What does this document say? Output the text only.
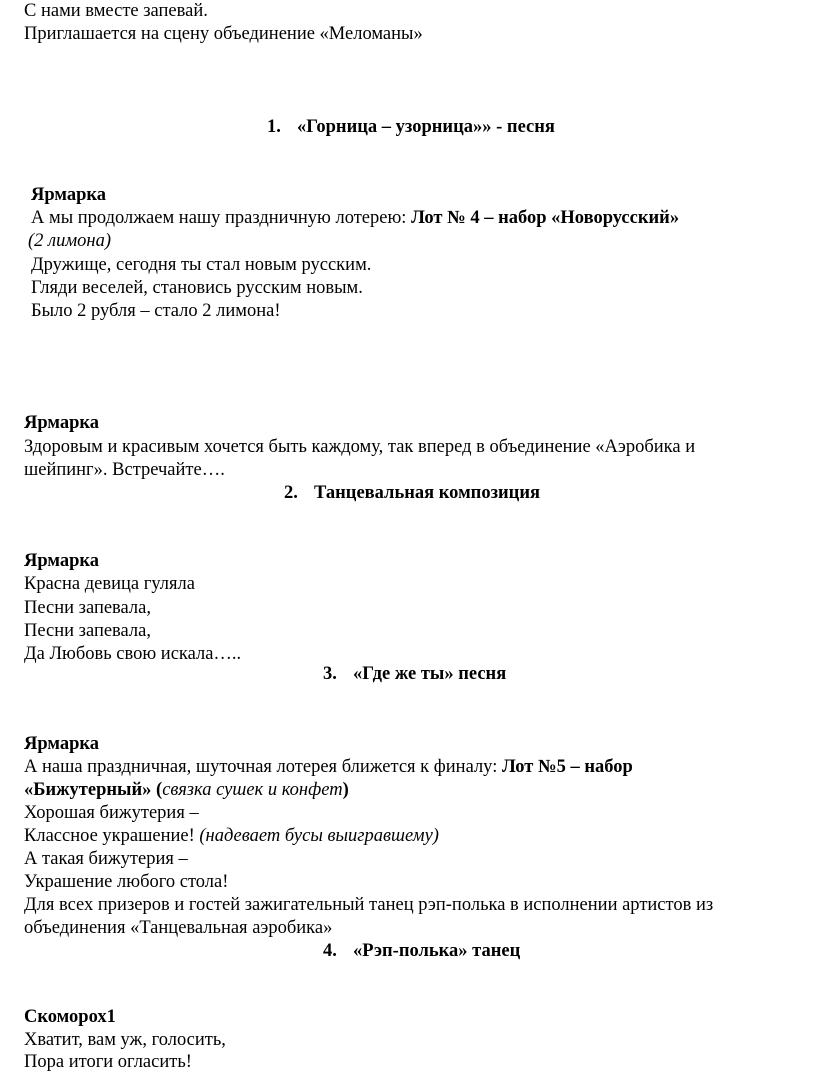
С нами вместе запевай.
Приглашается на сцену объединение «Меломаны»
1. «Горница – узорница»» - песня
Ярмарка
А мы продолжаем нашу праздничную лотерею: Лот № 4 – набор «Новорусский»
(2 лимона)
Дружище, сегодня ты стал новым русским.
Гляди веселей, становись русским новым.
Было 2 рубля – стало 2 лимона!
Ярмарка
Здоровым и красивым хочется быть каждому, так вперед в объединение «Аэробика и
шейпинг». Встречайте….
2. Танцевальная композиция
Ярмарка
Красна девица гуляла
Песни запевала,
Песни запевала,
Да Любовь свою искала…..
3. «Где же ты» песня
Ярмарка
А наша праздничная, шуточная лотерея ближется к финалу: Лот №5 – набор
«Бижутерный» (связка сушек и конфет)
Хорошая бижутерия –
Классное украшение! (надевает бусы выигравшему)
А такая бижутерия –
Украшение любого стола!
Для всех призеров и гостей зажигательный танец рэп-полька в исполнении артистов из
объединения «Танцевальная аэробика»
4. «Рэп-полька» танец
Скоморох1
Хватит, вам уж, голосить,
Пора итоги огласить!
